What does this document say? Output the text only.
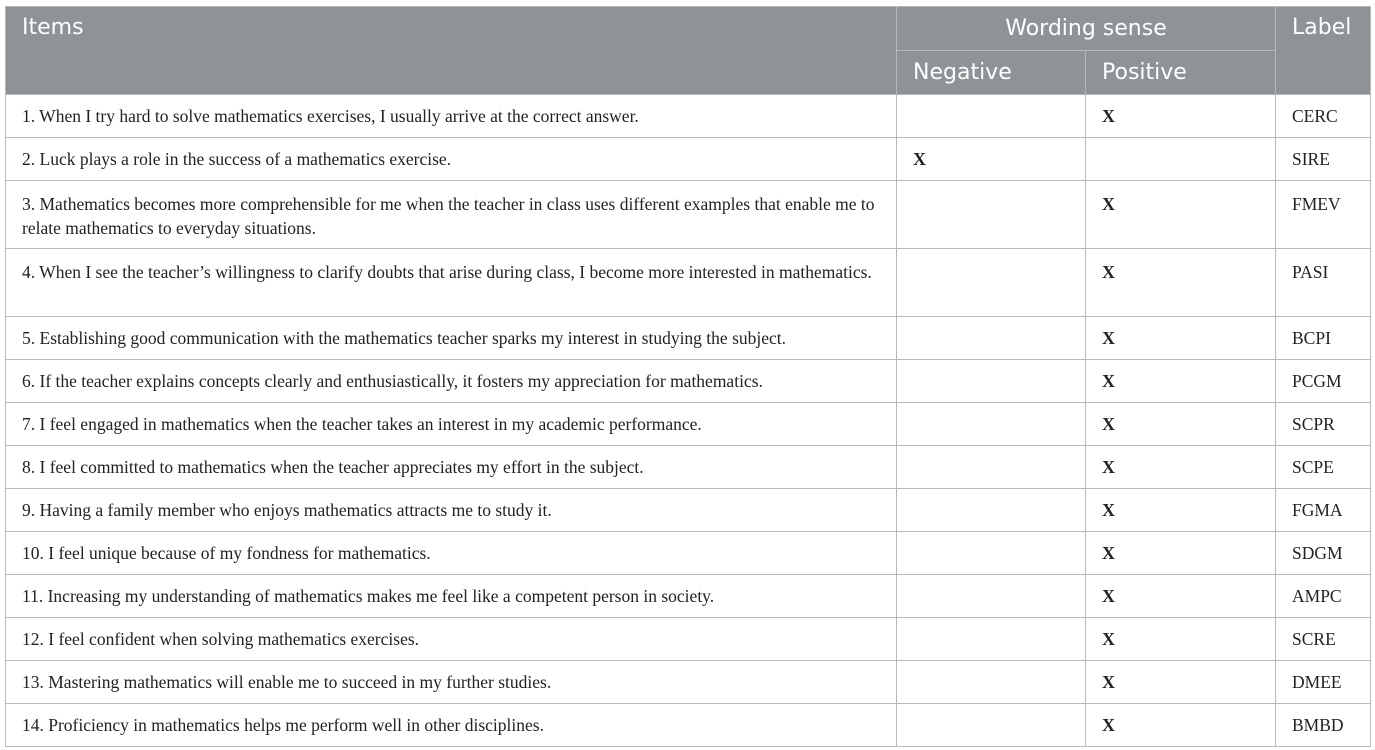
Items	Wording sense		Label
	Negative	Positive	
1. When I try hard to solve mathematics exercises, I usually arrive at the correct answer.		X	CERC
2. Luck plays a role in the success of a mathematics exercise.	X		SIRE
3. Mathematics becomes more comprehensible for me when the teacher in class uses different examples that enable me to relate mathematics to everyday situations.		X	FMEV
4. When I see the teacher’s willingness to clarify doubts that arise during class, I become more interested in mathematics.		X	PASI
5. Establishing good communication with the mathematics teacher sparks my interest in studying the subject.		X	BCPI
6. If the teacher explains concepts clearly and enthusiastically, it fosters my appreciation for mathematics.		X	PCGM
7. I feel engaged in mathematics when the teacher takes an interest in my academic performance.		X	SCPR
8. I feel committed to mathematics when the teacher appreciates my effort in the subject.		X	SCPE
9. Having a family member who enjoys mathematics attracts me to study it.		X	FGMA
10. I feel unique because of my fondness for mathematics.		X	SDGM
11. Increasing my understanding of mathematics makes me feel like a competent person in society.		X	AMPC
12. I feel confident when solving mathematics exercises.		X	SCRE
13. Mastering mathematics will enable me to succeed in my further studies.		X	DMEE
14. Proficiency in mathematics helps me perform well in other disciplines.		X	BMBD
